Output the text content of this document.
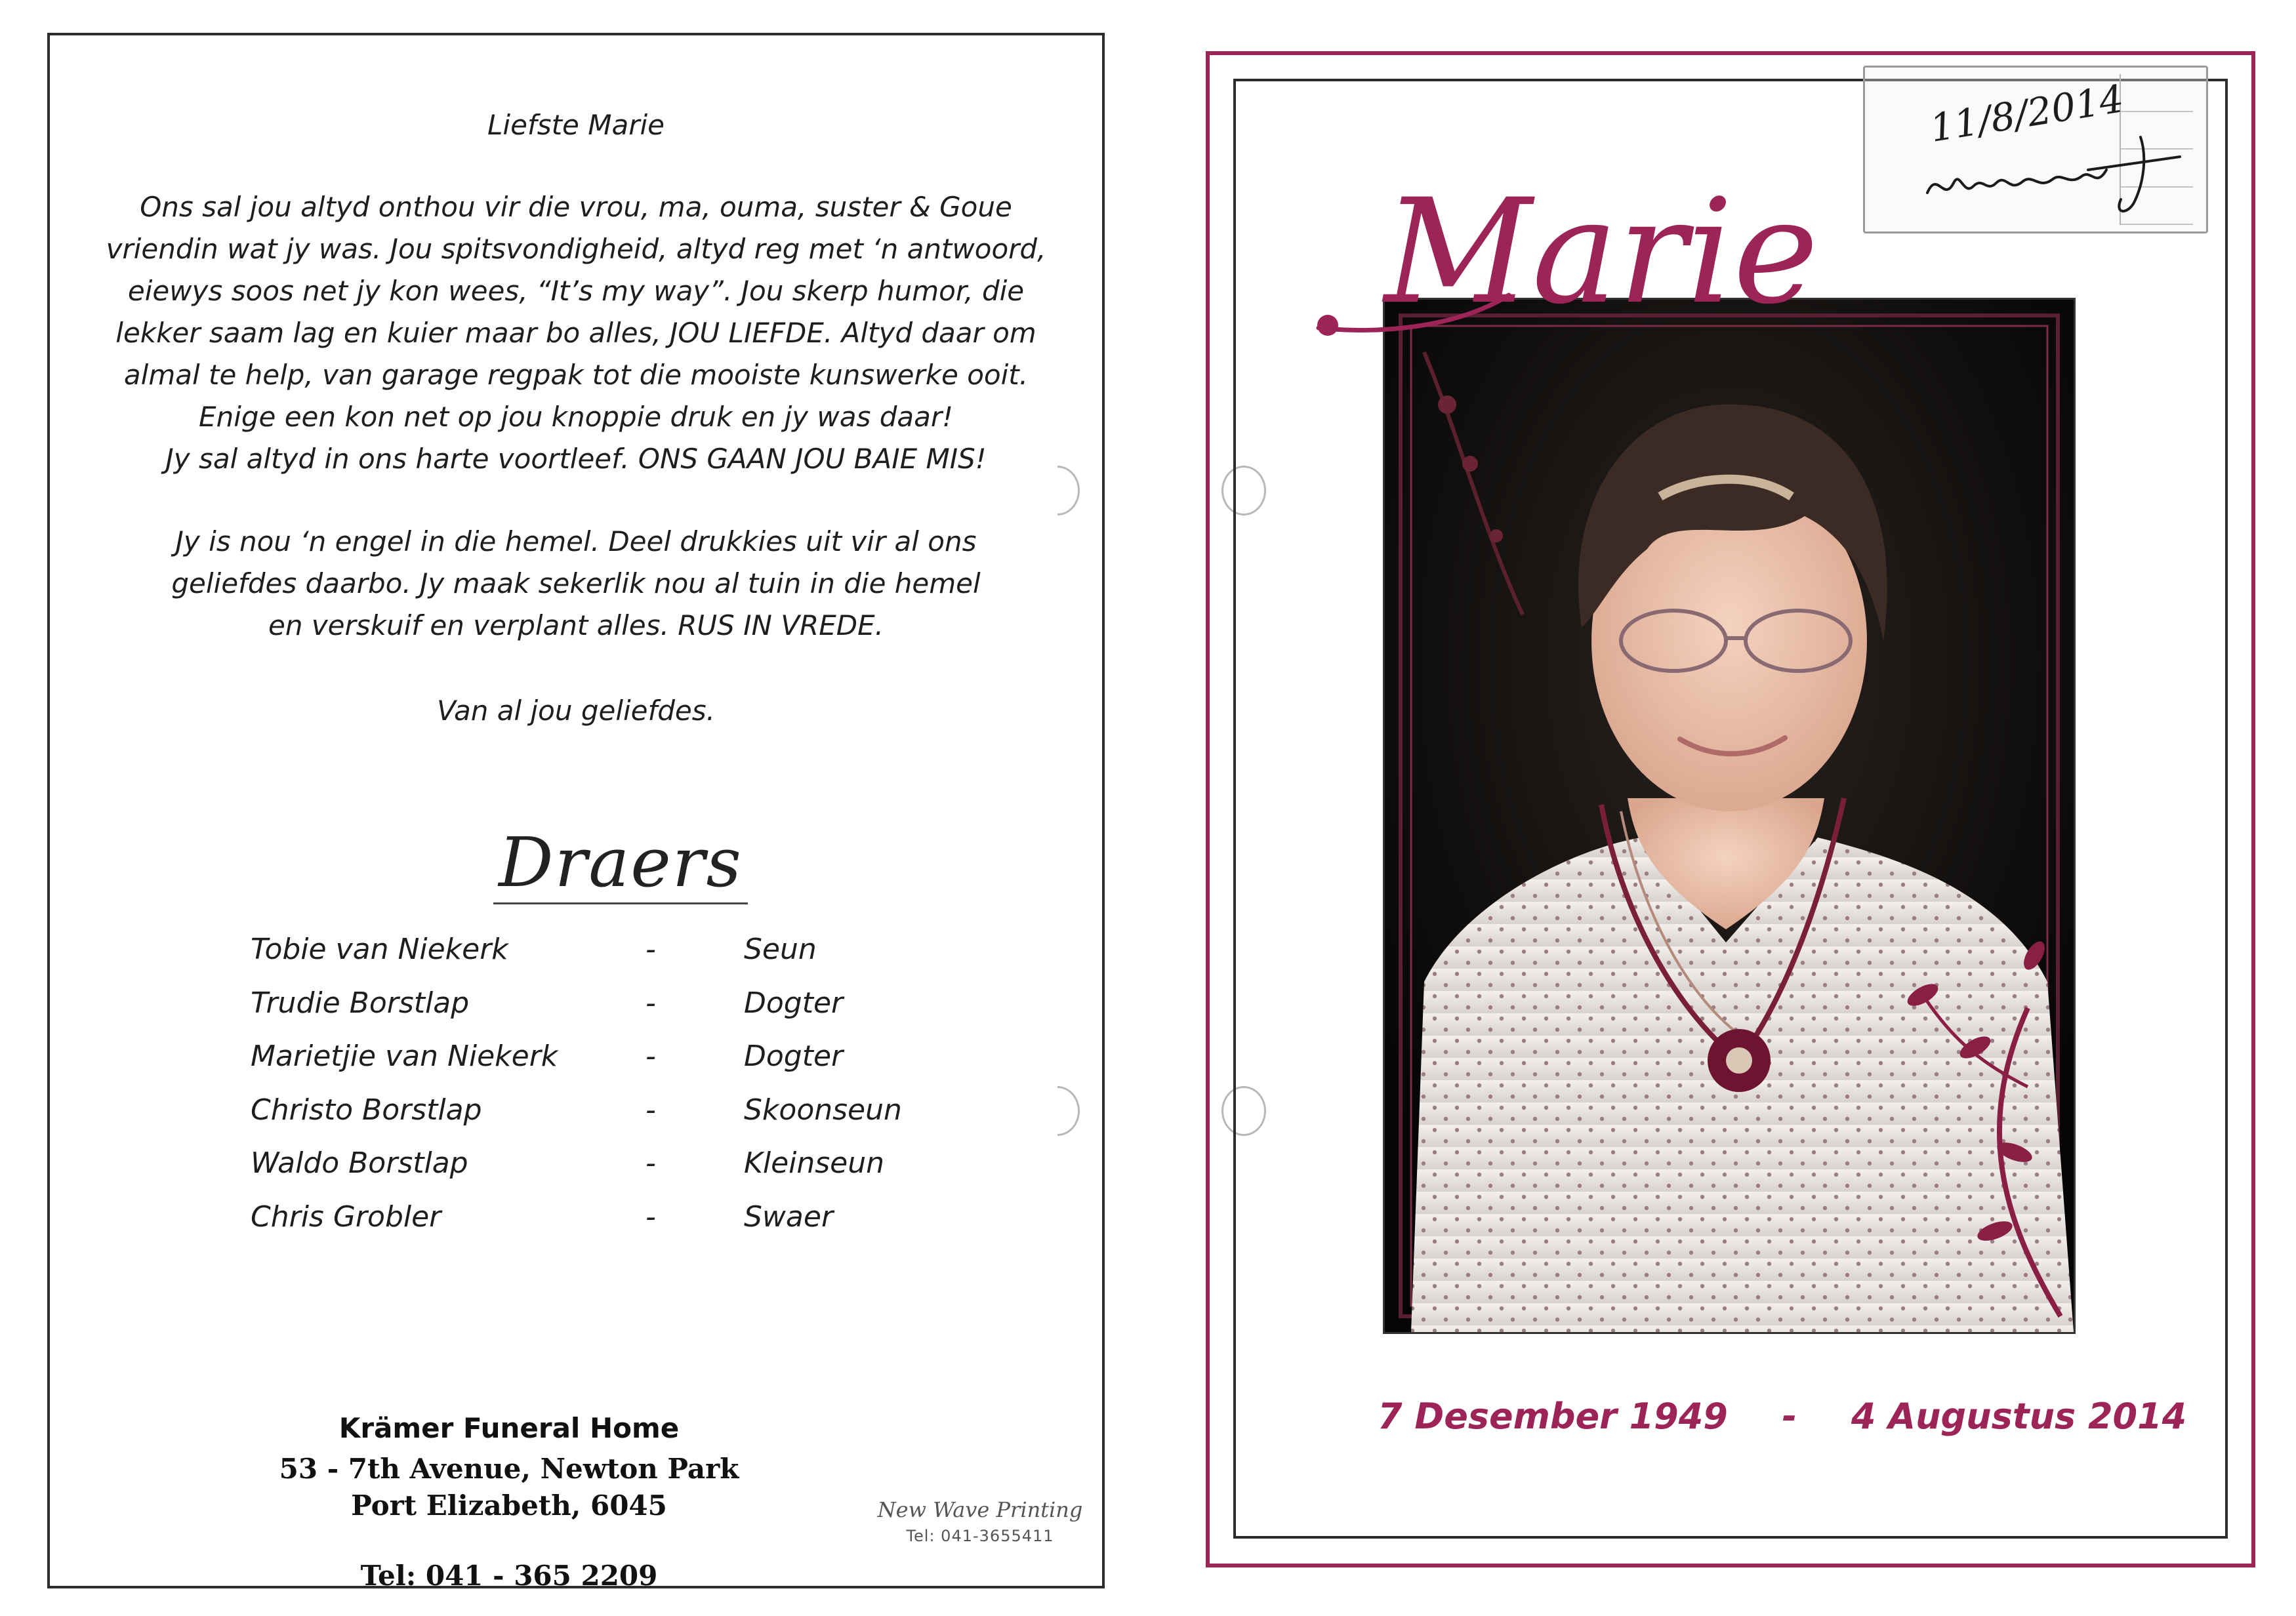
Liefste Marie
Ons sal jou altyd onthou vir die vrou, ma, ouma, suster & Goue
vriendin wat jy was. Jou spitsvondigheid, altyd reg met ‘n antwoord,
eiewys soos net jy kon wees, “It’s my way”. Jou skerp humor, die
lekker saam lag en kuier maar bo alles, JOU LIEFDE. Altyd daar om
almal te help, van garage regpak tot die mooiste kunswerke ooit.
Enige een kon net op jou knoppie druk en jy was daar!
Jy sal altyd in ons harte voortleef. ONS GAAN JOU BAIE MIS!
Jy is nou ‘n engel in die hemel. Deel drukkies uit vir al ons
geliefdes daarbo. Jy maak sekerlik nou al tuin in die hemel
en verskuif en verplant alles. RUS IN VREDE.
Van al jou geliefdes.
Draers
Tobie van Niekerk	-	Seun
Trudie Borstlap	-	Dogter
Marietjie van Niekerk	-	Dogter
Christo Borstlap	-	Skoonseun
Waldo Borstlap	-	Kleinseun
Chris Grobler	-	Swaer
Krämer Funeral Home
53 - 7th Avenue, Newton Park
Port Elizabeth, 6045
Tel: 041 - 365 2209
New Wave Printing
Tel: 041-3655411
11/8/2014
Marie
7 Desember 1949 - 4 Augustus 2014
